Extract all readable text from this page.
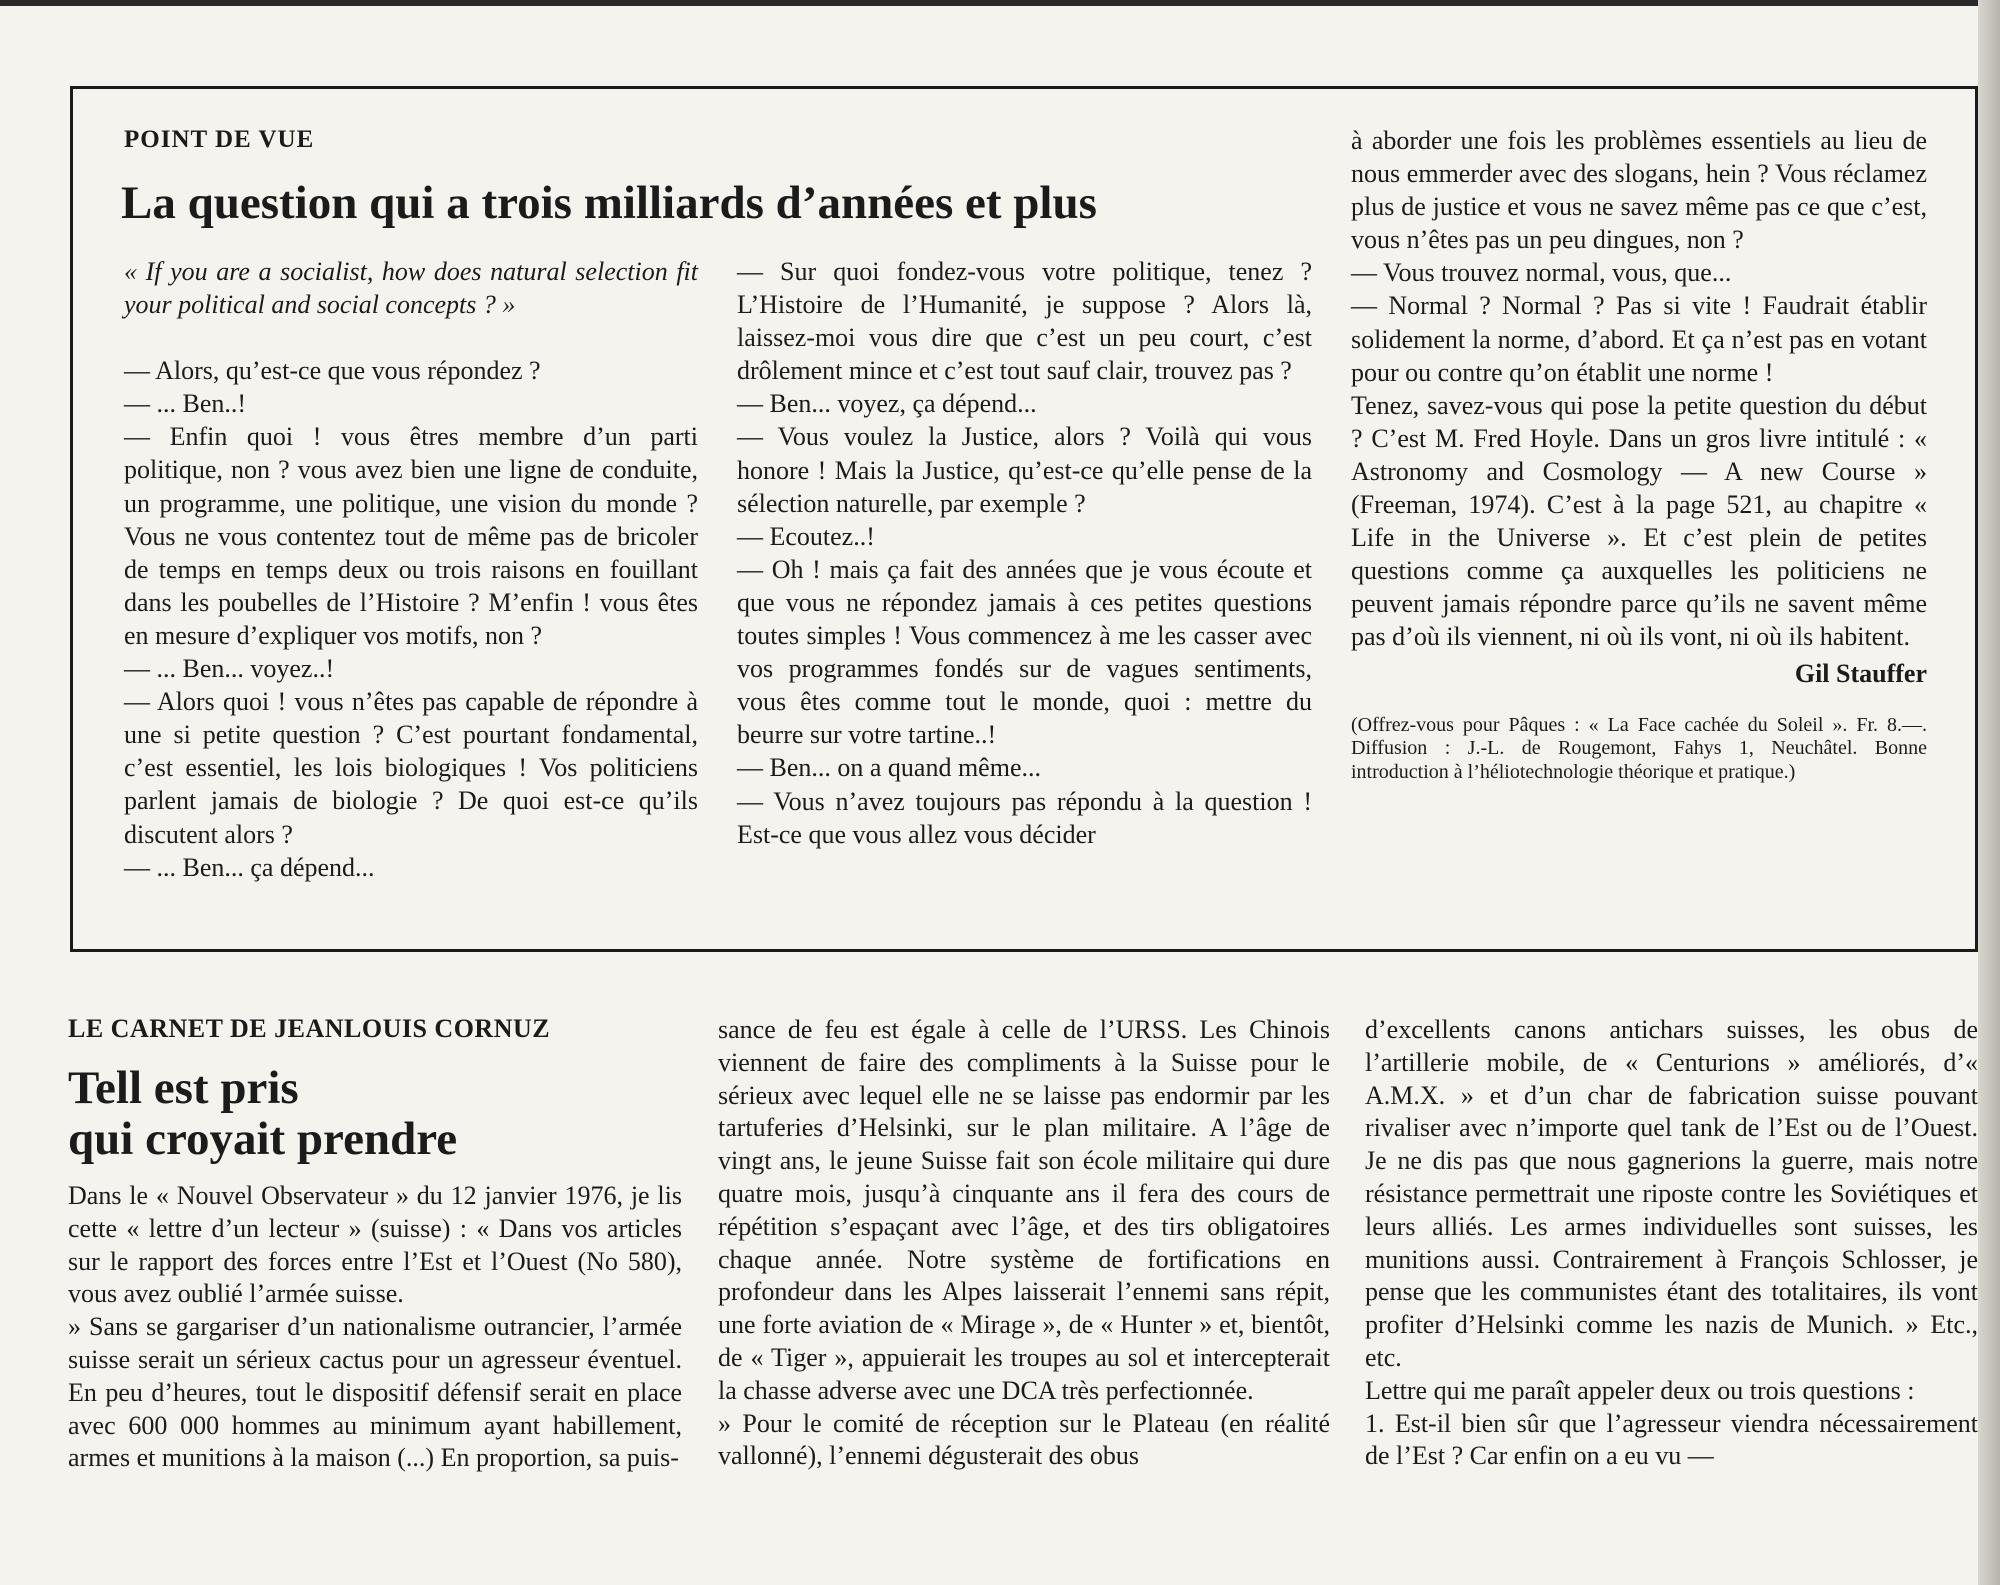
POINT DE VUE

La question qui a trois milliards d’années et plus

« If you are a socialist, how does natural selection fit your political and social concepts ? »

— Alors, qu’est-ce que vous répondez ?

— ... Ben..!

— Enfin quoi ! vous êtres membre d’un parti politique, non ? vous avez bien une ligne de conduite, un programme, une politique, une vision du monde ? Vous ne vous contentez tout de même pas de bricoler de temps en temps deux ou trois raisons en fouillant dans les poubelles de l’Histoire ? M’enfin ! vous êtes en mesure d’expliquer vos motifs, non ?

— ... Ben... voyez..!

— Alors quoi ! vous n’êtes pas capable de répondre à une si petite question ? C’est pourtant fondamental, c’est essentiel, les lois biologiques ! Vos politiciens parlent jamais de biologie ? De quoi est-ce qu’ils discutent alors ?

— ... Ben... ça dépend...

— Sur quoi fondez-vous votre politique, tenez ? L’Histoire de l’Humanité, je suppose ? Alors là, laissez-moi vous dire que c’est un peu court, c’est drôlement mince et c’est tout sauf clair, trouvez pas ?

— Ben... voyez, ça dépend...

— Vous voulez la Justice, alors ? Voilà qui vous honore ! Mais la Justice, qu’est-ce qu’elle pense de la sélection naturelle, par exemple ?

— Ecoutez..!

— Oh ! mais ça fait des années que je vous écoute et que vous ne répondez jamais à ces petites questions toutes simples ! Vous commencez à me les casser avec vos programmes fondés sur de vagues sentiments, vous êtes comme tout le monde, quoi : mettre du beurre sur votre tartine..!

— Ben... on a quand même...

— Vous n’avez toujours pas répondu à la question ! Est-ce que vous allez vous décider

à aborder une fois les problèmes essentiels au lieu de nous emmerder avec des slogans, hein ? Vous réclamez plus de justice et vous ne savez même pas ce que c’est, vous n’êtes pas un peu dingues, non ?

— Vous trouvez normal, vous, que...

— Normal ? Normal ? Pas si vite ! Faudrait établir solidement la norme, d’abord. Et ça n’est pas en votant pour ou contre qu’on établit une norme !

Tenez, savez-vous qui pose la petite question du début ? C’est M. Fred Hoyle. Dans un gros livre intitulé : « Astronomy and Cosmology — A new Course » (Freeman, 1974). C’est à la page 521, au chapitre « Life in the Universe ». Et c’est plein de petites questions comme ça auxquelles les politiciens ne peuvent jamais répondre parce qu’ils ne savent même pas d’où ils viennent, ni où ils vont, ni où ils habitent.

Gil Stauffer

(Offrez-vous pour Pâques : « La Face cachée du Soleil ». Fr. 8.—. Diffusion : J.-L. de Rougemont, Fahys 1, Neuchâtel. Bonne introduction à l’héliotechnologie théorique et pratique.)

LE CARNET DE JEANLOUIS CORNUZ

Tell est pris
qui croyait prendre

Dans le « Nouvel Observateur » du 12 janvier 1976, je lis cette « lettre d’un lecteur » (suisse) : « Dans vos articles sur le rapport des forces entre l’Est et l’Ouest (No 580), vous avez oublié l’armée suisse.

» Sans se gargariser d’un nationalisme outrancier, l’armée suisse serait un sérieux cactus pour un agresseur éventuel. En peu d’heures, tout le dispositif défensif serait en place avec 600 000 hommes au minimum ayant habillement, armes et munitions à la maison (...) En proportion, sa puis-

sance de feu est égale à celle de l’URSS. Les Chinois viennent de faire des compliments à la Suisse pour le sérieux avec lequel elle ne se laisse pas endormir par les tartuferies d’Helsinki, sur le plan militaire. A l’âge de vingt ans, le jeune Suisse fait son école militaire qui dure quatre mois, jusqu’à cinquante ans il fera des cours de répétition s’espaçant avec l’âge, et des tirs obligatoires chaque année. Notre système de fortifications en profondeur dans les Alpes laisserait l’ennemi sans répit, une forte aviation de « Mirage », de « Hunter » et, bientôt, de « Tiger », appuierait les troupes au sol et intercepterait la chasse adverse avec une DCA très perfectionnée.

» Pour le comité de réception sur le Plateau (en réalité vallonné), l’ennemi dégusterait des obus

d’excellents canons antichars suisses, les obus de l’artillerie mobile, de « Centurions » améliorés, d’« A.M.X. » et d’un char de fabrication suisse pouvant rivaliser avec n’importe quel tank de l’Est ou de l’Ouest. Je ne dis pas que nous gagnerions la guerre, mais notre résistance permettrait une riposte contre les Soviétiques et leurs alliés. Les armes individuelles sont suisses, les munitions aussi. Contrairement à François Schlosser, je pense que les communistes étant des totalitaires, ils vont profiter d’Helsinki comme les nazis de Munich. » Etc., etc.

Lettre qui me paraît appeler deux ou trois questions :

1. Est-il bien sûr que l’agresseur viendra nécessairement de l’Est ? Car enfin on a eu vu —
